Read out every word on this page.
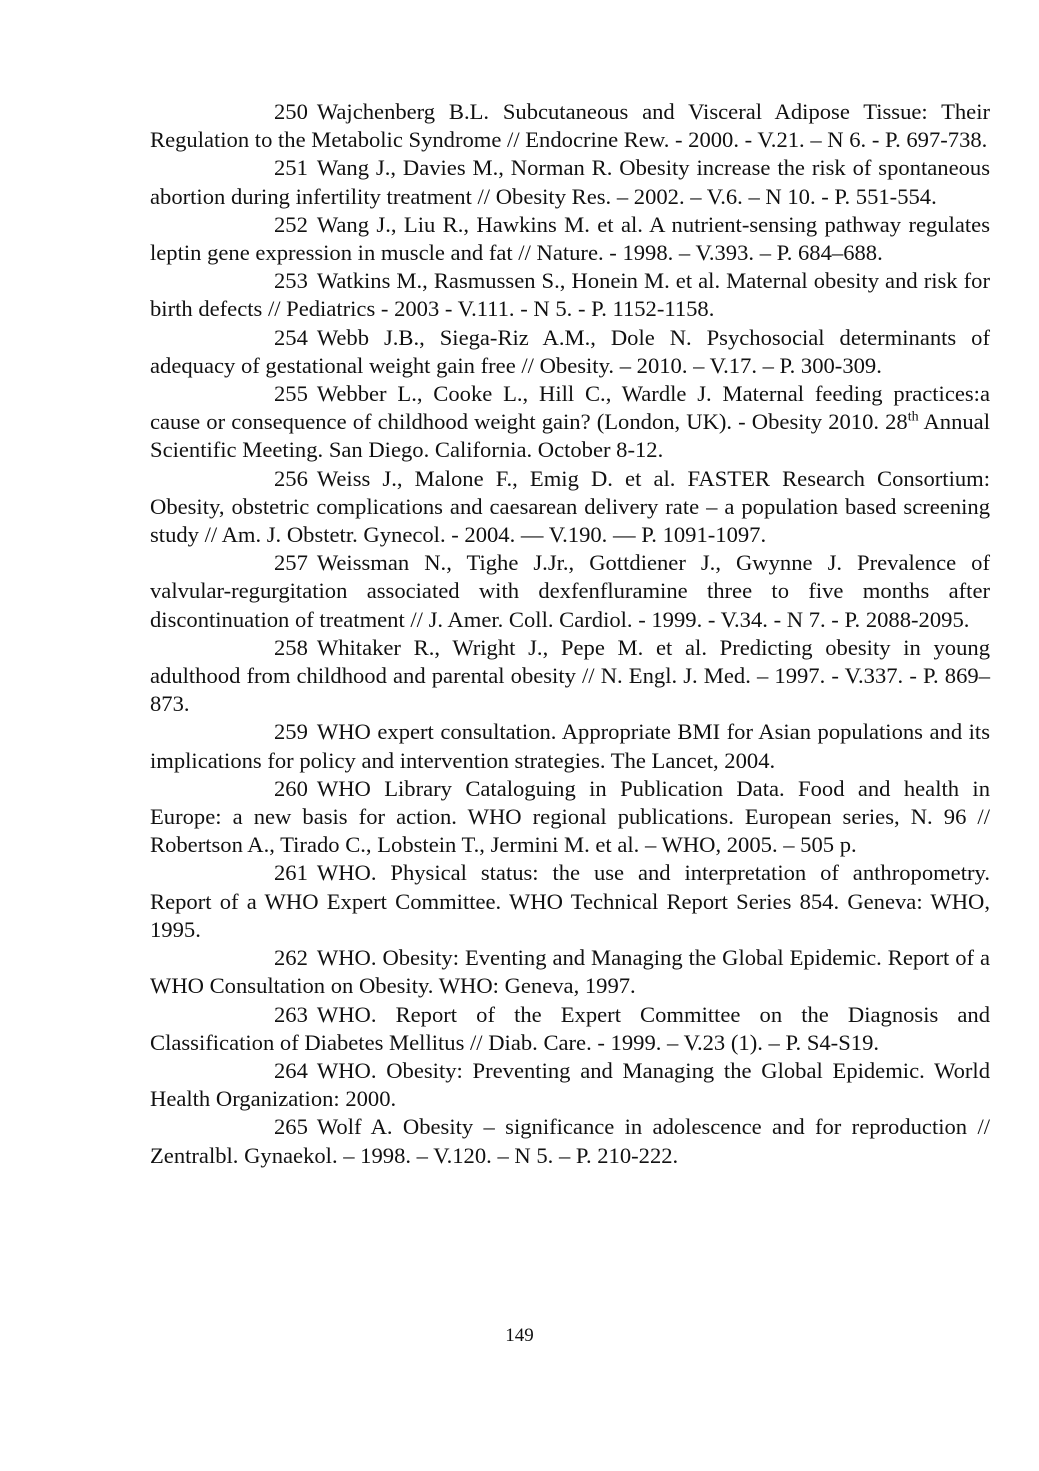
250 Wajchenberg B.L. Subcutaneous and Visceral Adipose Tissue: Their Regulation to the Metabolic Syndrome // Endocrine Rew. - 2000. - V.21. – N 6. - P. 697-738.

251 Wang J., Davies M., Norman R. Obesity increase the risk of spontaneous abortion during infertility treatment // Obesity Res. – 2002. – V.6. – N 10. - P. 551-554.

252 Wang J., Liu R., Hawkins M. et al. A nutrient-sensing pathway regulates leptin gene expression in muscle and fat // Nature. - 1998. – V.393. – P. 684–688.

253 Watkins M., Rasmussen S., Honein M. et al. Maternal obesity and risk for birth defects // Pediatrics - 2003 - V.111. - N 5. - P. 1152-1158.

254 Webb J.B., Siega-Riz A.M., Dole N. Psychosocial determinants of adequacy of gestational weight gain free // Obesity. – 2010. – V.17. – P. 300-309.

255 Webber L., Cooke L., Hill C., Wardle J. Maternal feeding practices:a cause or consequence of childhood weight gain? (London, UK). - Obesity 2010. 28th Annual Scientific Meeting. San Diego. California. October 8-12.

256 Weiss J., Malone F., Emig D. et al. FASTER Research Consortium: Obesity, obstetric complications and caesarean delivery rate – a population based screening study // Am. J. Obstetr. Gynecol. - 2004. — V.190. — P. 1091-1097.

257 Weissman N., Tighe J.Jr., Gottdiener J., Gwynne J. Prevalence of valvular-regurgitation associated with dexfenfluramine three to five months after discontinuation of treatment // J. Amer. Coll. Cardiol. - 1999. - V.34. - N 7. - P. 2088-2095.

258 Whitaker R., Wright J., Pepe M. et al. Predicting obesity in young adulthood from childhood and parental obesity // N. Engl. J. Med. – 1997. - V.337. - P. 869–873.

259 WHO expert consultation. Appropriate BMI for Asian populations and its implications for policy and intervention strategies. The Lancet, 2004.

260 WHO Library Cataloguing in Publication Data. Food and health in Europe: a new basis for action. WHO regional publications. European series, N. 96 // Robertson A., Tirado C., Lobstein T., Jermini M. et al. – WHO, 2005. – 505 p.

261 WHO. Physical status: the use and interpretation of anthropometry. Report of a WHO Expert Committee. WHO Technical Report Series 854. Geneva: WHO, 1995.

262 WHO. Obesity: Eventing and Managing the Global Epidemic. Report of a WHO Consultation on Obesity. WHO: Geneva, 1997.

263 WHO. Report of the Expert Committee on the Diagnosis and Classification of Diabetes Mellitus // Diab. Care. - 1999. – V.23 (1). – P. S4-S19.

264 WHO. Obesity: Preventing and Managing the Global Epidemic. World Health Organization: 2000.

265 Wolf A. Obesity – significance in adolescence and for reproduction // Zentralbl. Gynaekol. – 1998. – V.120. – N 5. – P. 210-222.

149
